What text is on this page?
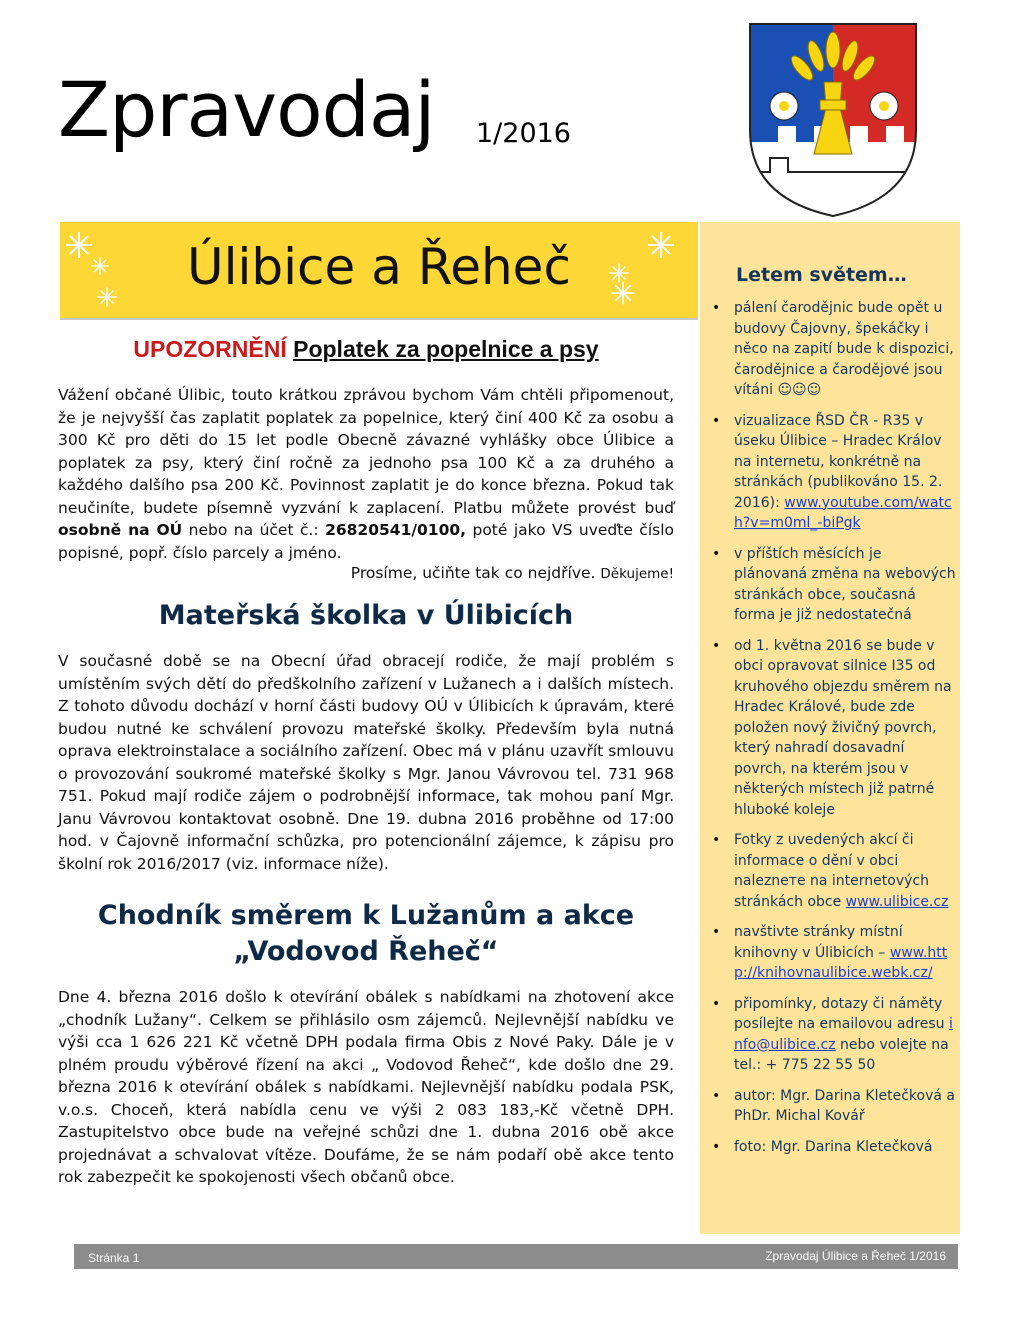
Zpravodaj 1/2016
Úlibice a Řeheč	Letem světem…
• pálení čarodějnic bude opět u budovy Čajovny, špekáčky i něco na zapití bude k dispozici, čarodějnice a čarodějové jsou vítáni ☺☺☺
• vizualizace ŘSD ČR - R35 v úseku Úlibice – Hradec Králov na internetu, konkrétně na stránkách (publikováno 15. 2. 2016): www.youtube.com/watch?v=m0ml_-biPgk
• v příštích měsících je plánovaná změna na webových stránkách obce, současná forma je již nedostatečná
• od 1. května 2016 se bude v obci opravovat silnice I35 od kruhového objezdu směrem na Hradec Králové, bude zde položen nový živičný povrch, který nahradí dosavadní povrch, na kterém jsou v některých místech již patrné hluboké koleje
• Fotky z uvedených akcí či informace o dění v obci nalezneте na internetových stránkách obce www.ulibice.cz
• navštivte stránky místní knihovny v Úlibicích – www.http://knihovnaulibice.webk.cz/
• připomínky, dotazy či náměty posílejte na emailovou adresu info@ulibice.cz nebo volejte na tel.: + 775 22 55 50
• autor: Mgr. Darina Kletečková a PhDr. Michal Kovář
• foto: Mgr. Darina Kletečková
UPOZORNĚNÍ Poplatek za popelnice a psy

Vážení občané Úlibic, touto krátkou zprávou bychom Vám chtěli připomenout, že je nejvyšší čas zaplatit poplatek za popelnice, který činí 400 Kč za osobu a 300 Kč pro děti do 15 let podle Obecně závazné vyhlášky obce Úlibice a poplatek za psy, který činí ročně za jednoho psa 100 Kč a za druhého a každého dalšího psa 200 Kč. Povinnost zaplatit je do konce března. Pokud tak neučiníte, budete písemně vyzvání k zaplacení. Platbu můžete provést buď osobně na OÚ nebo na účet č.: 26820541/0100, poté jako VS uveďte číslo popisné, popř. číslo parcely a jméno.

Prosíme, učiňte tak co nejdříve. Děkujeme!

Mateřská školka v Úlibicích

V současné době se na Obecní úřad obracejí rodiče, že mají problém s umístěním svých dětí do předškolního zařízení v Lužanech a i dalších místech. Z tohoto důvodu dochází v horní části budovy OÚ v Úlibicích k úpravám, které budou nutné ke schválení provozu mateřské školky. Především byla nutná oprava elektroinstalace a sociálního zařízení. Obec má v plánu uzavřít smlouvu o provozování soukromé mateřské školky s Mgr. Janou Vávrovou tel. 731 968 751. Pokud mají rodiče zájem o podrobnější informace, tak mohou paní Mgr. Janu Vávrovou kontaktovat osobně. Dne 19. dubna 2016 proběhne od 17:00 hod. v Čajovně informační schůzka, pro potencionální zájemce, k zápisu pro školní rok 2016/2017 (viz. informace níže).

Chodník směrem k Lužanům a akce
„Vodovod Řeheč“

Dne 4. března 2016 došlo k otevírání obálek s nabídkami na zhotovení akce „chodník Lužany“. Celkem se přihlásilo osm zájemců. Nejlevnější nabídku ve výši cca 1 626 221 Kč včetně DPH podala firma Obis z Nové Paky. Dále je v plném proudu výběrové řízení na akci „ Vodovod Řeheč“, kde došlo dne 29. března 2016 k otevírání obálek s nabídkami. Nejlevnější nabídku podala PSK, v.o.s. Choceň, která nabídla cenu ve výši 2 083 183,-Kč včetně DPH. Zastupitelstvo obce bude na veřejné schůzi dne 1. dubna 2016 obě akce projednávat a schvalovat vítěze. Doufáme, že se nám podaří obě akce tento rok zabezpečit ke spokojenosti všech občanů obce.

Stránka 1	Zpravodaj Úlibice a Řeheč 1/2016
